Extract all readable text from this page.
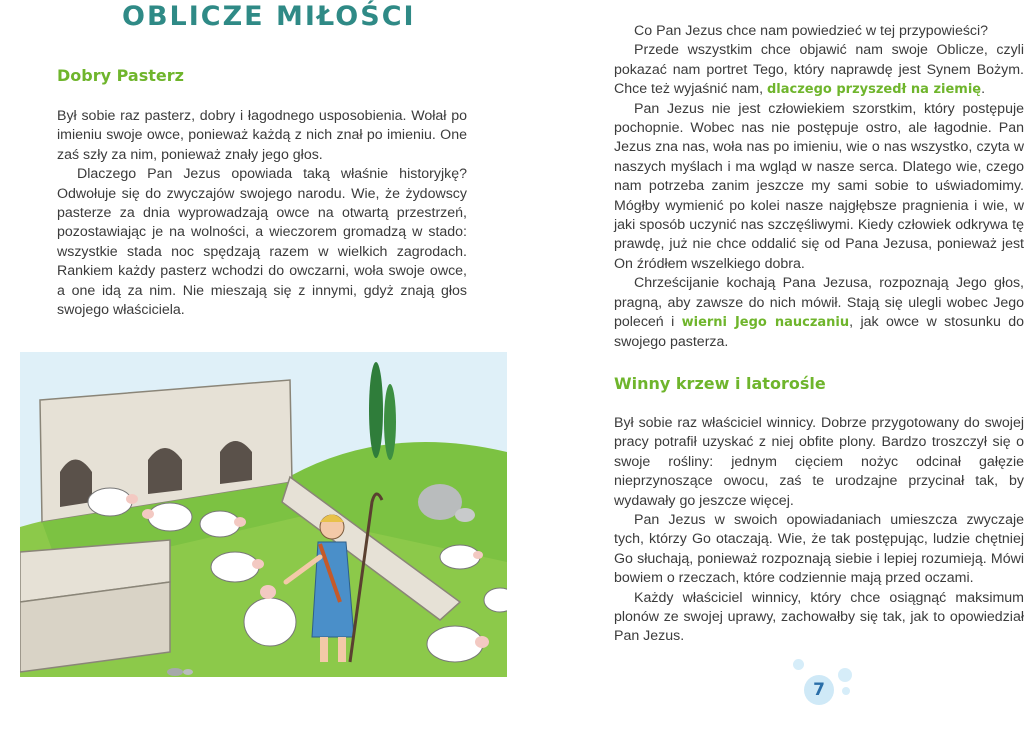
OBLICZE MIŁOŚCI
Dobry Pasterz

Był sobie raz pasterz, dobry i łagodnego usposobienia. Wołał po imieniu swoje owce, ponieważ każdą z nich znał po imieniu. One zaś szły za nim, ponieważ znały jego głos.

Dlaczego Pan Jezus opowiada taką właśnie historyjkę? Odwołuje się do zwyczajów swojego narodu. Wie, że żydowscy pasterze za dnia wyprowadzają owce na otwartą przestrzeń, pozostawiając je na wolności, a wieczorem gromadzą w stado: wszystkie stada noc spędzają razem w wielkich zagrodach. Rankiem każdy pasterz wchodzi do owczarni, woła swoje owce, a one idą za nim. Nie mieszają się z innymi, gdyż znają głos swojego właściciela.

Co Pan Jezus chce nam powiedzieć w tej przypowieści?

Przede wszystkim chce objawić nam swoje Oblicze, czyli pokazać nam portret Tego, który naprawdę jest Synem Bożym. Chce też wyjaśnić nam, dlaczego przyszedł na ziemię.

Pan Jezus nie jest człowiekiem szorstkim, który postępuje pochopnie. Wobec nas nie postępuje ostro, ale łagodnie. Pan Jezus zna nas, woła nas po imieniu, wie o nas wszystko, czyta w naszych myślach i ma wgląd w nasze serca. Dlatego wie, czego nam potrzeba zanim jeszcze my sami sobie to uświadomimy. Mógłby wymienić po kolei nasze najgłębsze pragnienia i wie, w jaki sposób uczynić nas szczęśliwymi. Kiedy człowiek odkrywa tę prawdę, już nie chce oddalić się od Pana Jezusa, ponieważ jest On źródłem wszelkiego dobra.

Chrześcijanie kochają Pana Jezusa, rozpoznają Jego głos, pragną, aby zawsze do nich mówił. Stają się ulegli wobec Jego poleceń i wierni Jego nauczaniu, jak owce w stosunku do swojego pasterza.

Winny krzew i latorośle

Był sobie raz właściciel winnicy. Dobrze przygotowany do swojej pracy potrafił uzyskać z niej obfite plony. Bardzo troszczył się o swoje rośliny: jednym cięciem nożyc odcinał gałęzie nieprzynoszące owocu, zaś te urodzajne przycinał tak, by wydawały go jeszcze więcej.

Pan Jezus w swoich opowiadaniach umieszcza zwyczaje tych, którzy Go otaczają. Wie, że tak postępując, ludzie chętniej Go słuchają, ponieważ rozpoznają siebie i lepiej rozumieją. Mówi bowiem o rzeczach, które codziennie mają przed oczami.

Każdy właściciel winnicy, który chce osiągnąć maksimum plonów ze swojej uprawy, zachowałby się tak, jak to opowiedział Pan Jezus.

7
